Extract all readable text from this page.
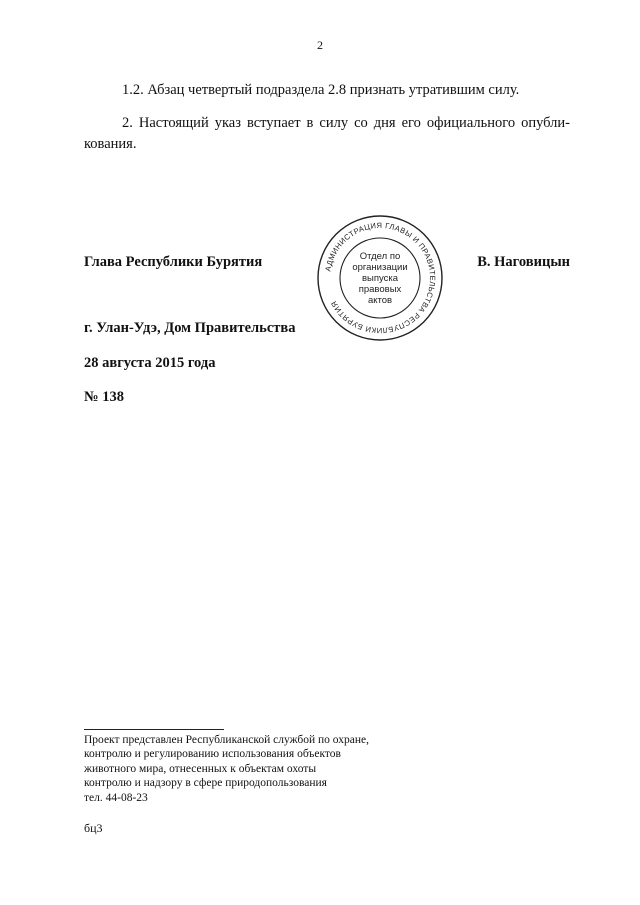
2
1.2. Абзац четвертый подраздела 2.8 признать утратившим силу.
2. Настоящий указ вступает в силу со дня его официального опубли-кования.
Глава Республики Бурятия	В. Наговицын
АДМИНИСТРАЦИЯ ГЛАВЫ И ПРАВИТЕЛЬСТВА РЕСПУБЛИКИ БУРЯТИЯ
Отдел по
организации
выпуска
правовых
актов
г. Улан-Удэ, Дом Правительства
28 августа 2015 года
№ 138
Проект представлен Республиканской службой по охране,
контролю и регулированию использования объектов
животного мира, отнесенных к объектам охоты
контролю и надзору в сфере природопользования
тел. 44-08-23
бц3
